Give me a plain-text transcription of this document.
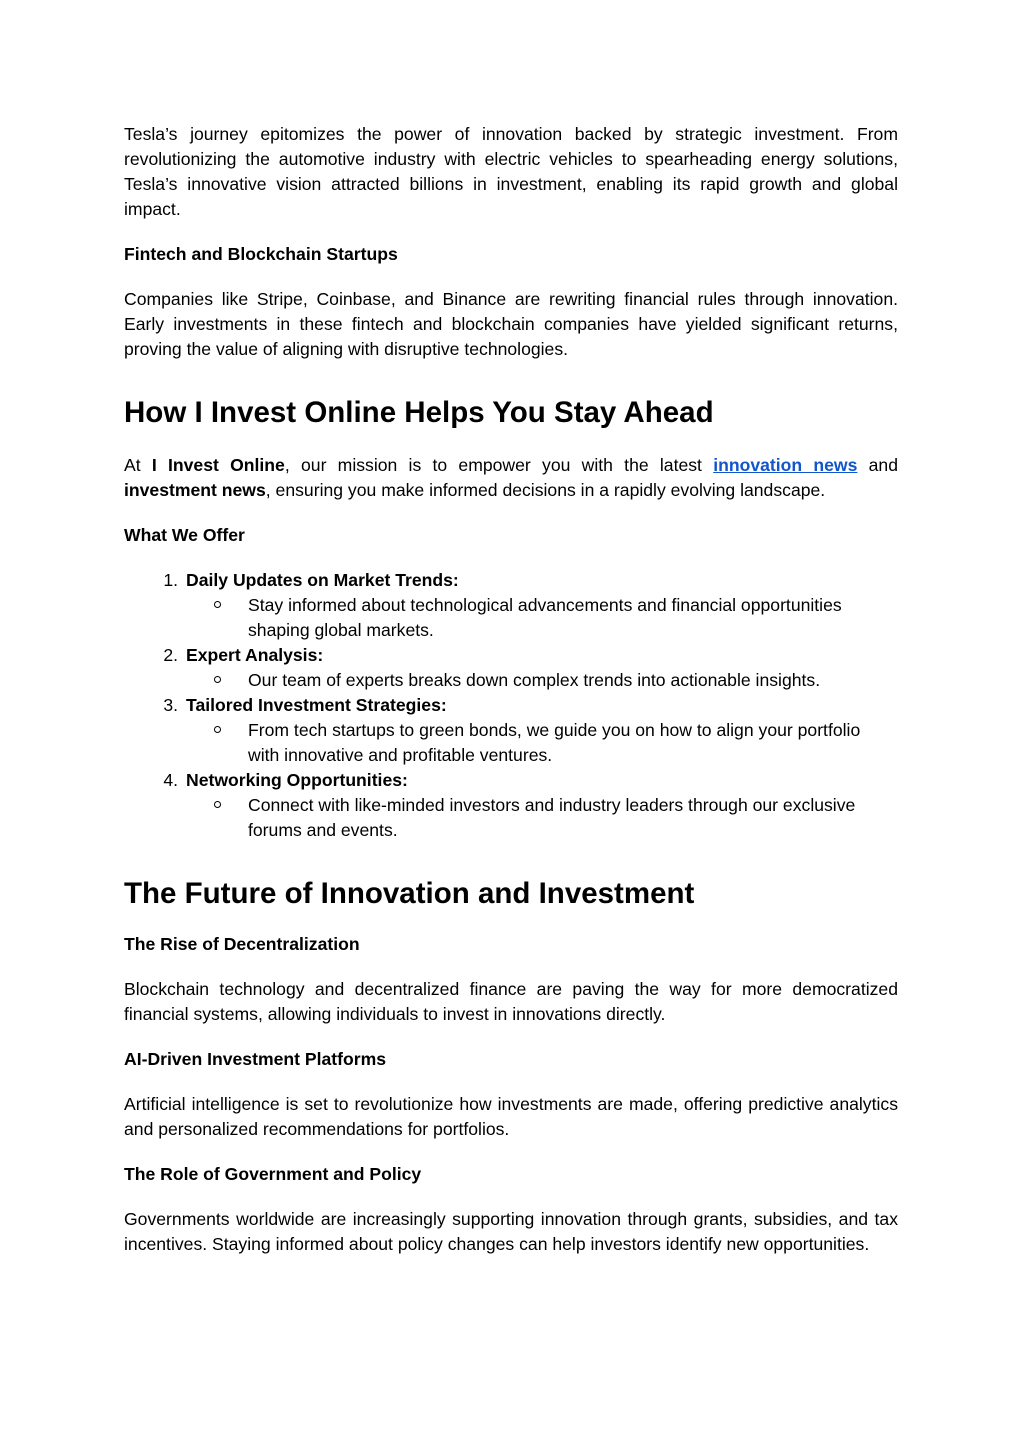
Tesla’s journey epitomizes the power of innovation backed by strategic investment. From revolutionizing the automotive industry with electric vehicles to spearheading energy solutions, Tesla’s innovative vision attracted billions in investment, enabling its rapid growth and global impact.

Fintech and Blockchain Startups

Companies like Stripe, Coinbase, and Binance are rewriting financial rules through innovation. Early investments in these fintech and blockchain companies have yielded significant returns, proving the value of aligning with disruptive technologies.

How I Invest Online Helps You Stay Ahead

At I Invest Online, our mission is to empower you with the latest innovation news and investment news, ensuring you make informed decisions in a rapidly evolving landscape.

What We Offer
1. Daily Updates on Market Trends:
Stay informed about technological advancements and financial opportunities shaping global markets.
2. Expert Analysis:
Our team of experts breaks down complex trends into actionable insights.
3. Tailored Investment Strategies:
From tech startups to green bonds, we guide you on how to align your portfolio with innovative and profitable ventures.
4. Networking Opportunities:
Connect with like-minded investors and industry leaders through our exclusive forums and events.
The Future of Innovation and Investment
The Rise of Decentralization

Blockchain technology and decentralized finance are paving the way for more democratized financial systems, allowing individuals to invest in innovations directly.

AI-Driven Investment Platforms

Artificial intelligence is set to revolutionize how investments are made, offering predictive analytics and personalized recommendations for portfolios.

The Role of Government and Policy

Governments worldwide are increasingly supporting innovation through grants, subsidies, and tax incentives. Staying informed about policy changes can help investors identify new opportunities.
